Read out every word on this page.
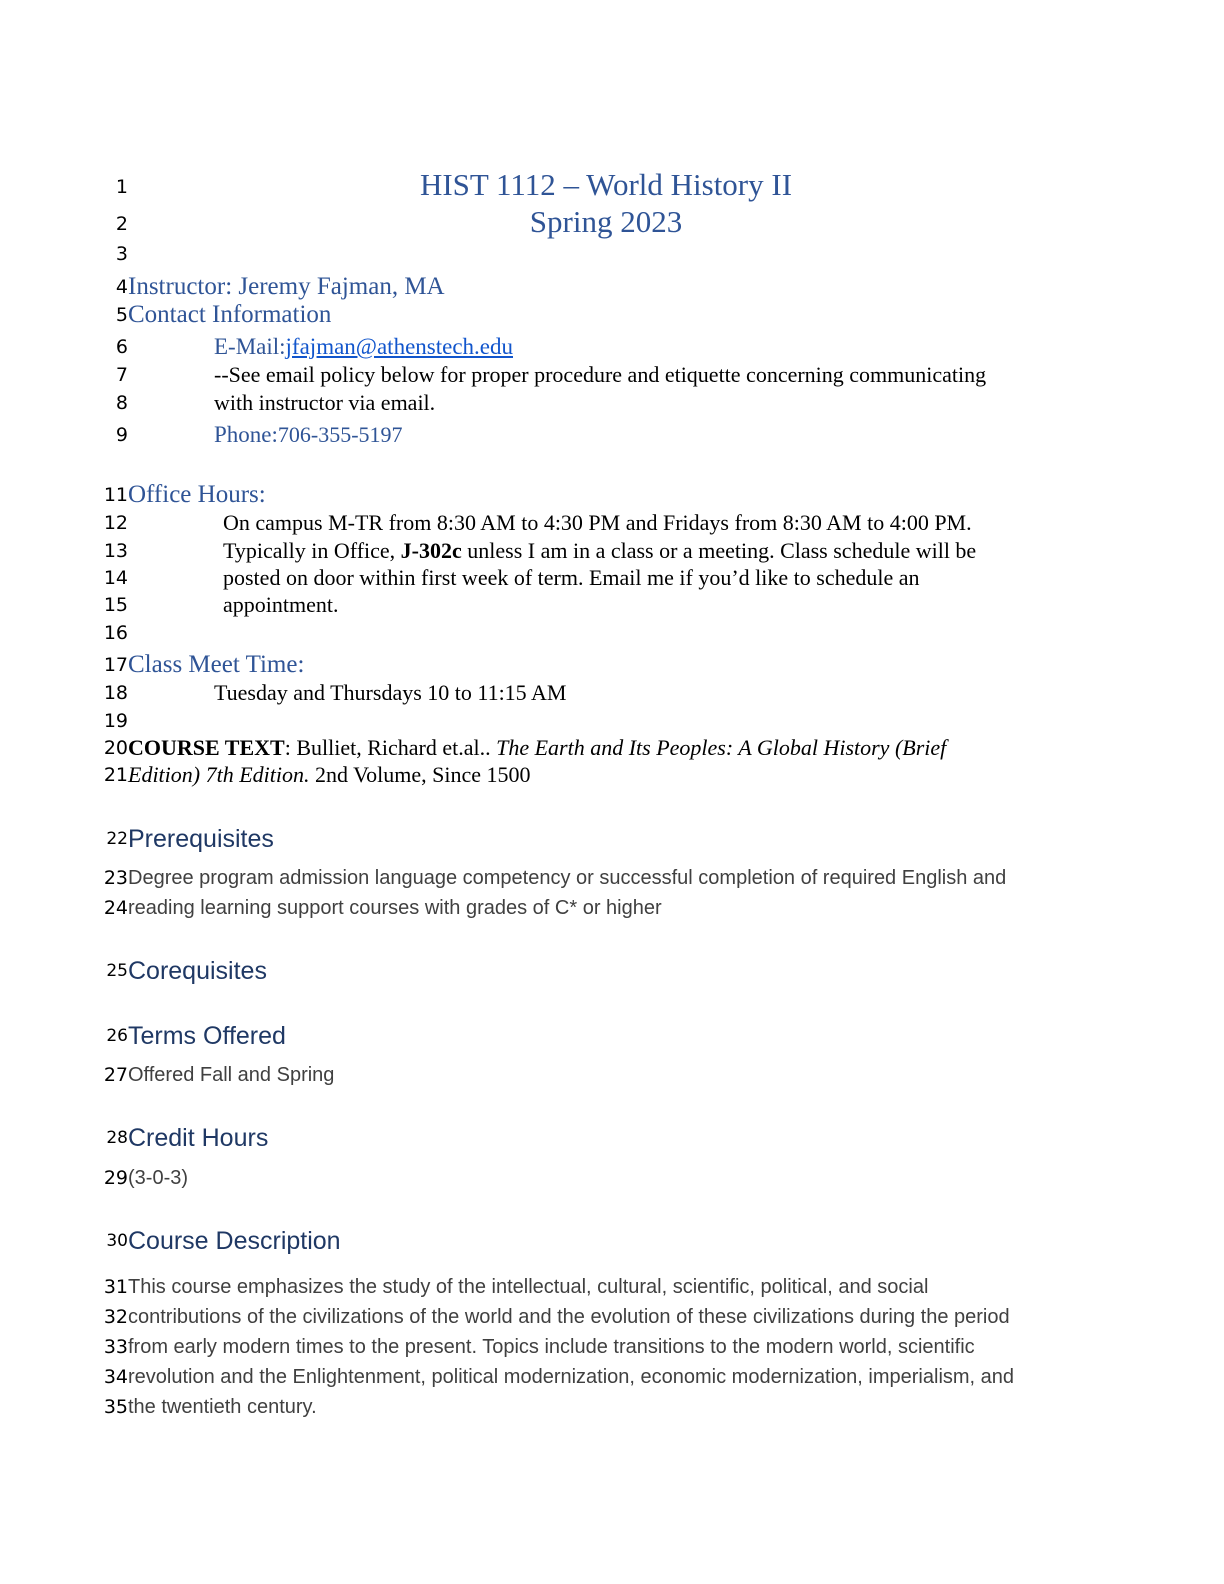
1	HIST 1112 – World History II
2	Spring 2023
3
4 Instructor: Jeremy Fajman, MA
5 Contact Information
6	E-Mail: jfajman@athenstech.edu
7	--See email policy below for proper procedure and etiquette concerning communicating
8	with instructor via email.
9	Phone: 706-355-5197
11 Office Hours:
12	On campus M-TR from 8:30 AM to 4:30 PM and Fridays from 8:30 AM to 4:00 PM.
13	Typically in Office, J-302c unless I am in a class or a meeting. Class schedule will be
14	posted on door within first week of term. Email me if you’d like to schedule an
15	appointment.
16
17 Class Meet Time:
18	Tuesday and Thursdays 10 to 11:15 AM
19
20 COURSE TEXT: Bulliet, Richard et.al.. The Earth and Its Peoples: A Global History (Brief
21 Edition) 7th Edition. 2nd Volume, Since 1500
22 Prerequisites
23 Degree program admission language competency or successful completion of required English and
24 reading learning support courses with grades of C* or higher
25 Corequisites
26 Terms Offered
27 Offered Fall and Spring
28 Credit Hours
29 (3-0-3)
30 Course Description
31 This course emphasizes the study of the intellectual, cultural, scientific, political, and social
32 contributions of the civilizations of the world and the evolution of these civilizations during the period
33 from early modern times to the present. Topics include transitions to the modern world, scientific
34 revolution and the Enlightenment, political modernization, economic modernization, imperialism, and
35 the twentieth century.
